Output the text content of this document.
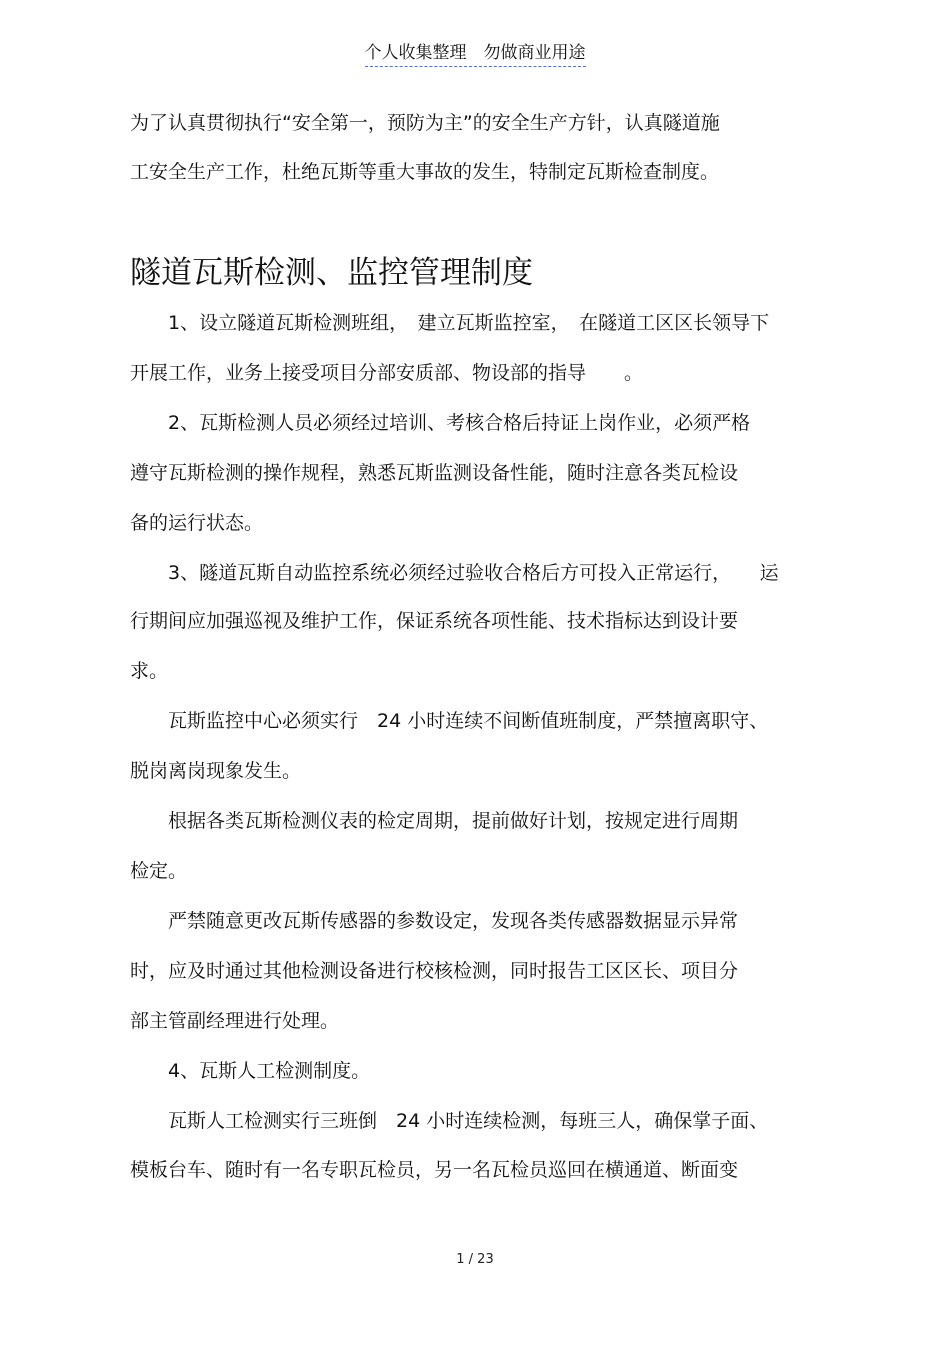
个人收集整理　勿做商业用途
为了认真贯彻执行“安全第一，预防为主”的安全生产方针，认真隧道施
工安全生产工作，杜绝瓦斯等重大事故的发生，特制定瓦斯检查制度。
隧道瓦斯检测、监控管理制度
　　1、设立隧道瓦斯检测班组，　建立瓦斯监控室，　在隧道工区区长领导下
开展工作，业务上接受项目分部安质部、物设部的指导　　。
　　2、瓦斯检测人员必须经过培训、考核合格后持证上岗作业，必须严格
遵守瓦斯检测的操作规程，熟悉瓦斯监测设备性能，随时注意各类瓦检设
备的运行状态。
　　3、隧道瓦斯自动监控系统必须经过验收合格后方可投入正常运行，　　运
行期间应加强巡视及维护工作，保证系统各项性能、技术指标达到设计要
求。
　　瓦斯监控中心必须实行　24 小时连续不间断值班制度，严禁擅离职守、
脱岗离岗现象发生。
　　根据各类瓦斯检测仪表的检定周期，提前做好计划，按规定进行周期
检定。
　　严禁随意更改瓦斯传感器的参数设定，发现各类传感器数据显示异常
时，应及时通过其他检测设备进行校核检测，同时报告工区区长、项目分
部主管副经理进行处理。
　　4、瓦斯人工检测制度。
　　瓦斯人工检测实行三班倒　24 小时连续检测，每班三人，确保掌子面、
模板台车、随时有一名专职瓦检员，另一名瓦检员巡回在横通道、断面变
1 / 23
